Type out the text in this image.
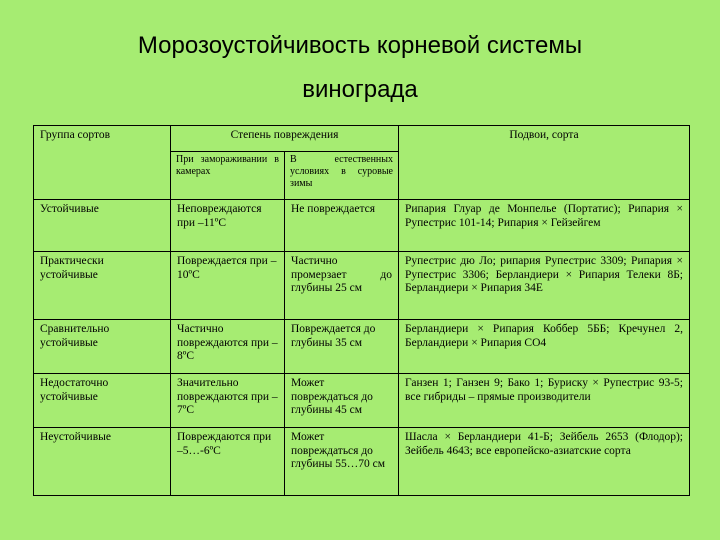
Морозоустойчивость корневой системы
винограда
Группа сортов	Степень повреждения		Подвои, сорта
	При замораживании в камерах	В естественных условиях в суровые зимы	
Устойчивые	Неповреждаются при –11ºС	Не повреждается	Рипария Глуар де Монпелье (Портатис); Рипария × Рупестрис 101-14; Рипария × Гейзейгем
Практически устойчивые	Повреждается при –10ºС	Частично промерзает до глубины 25 см	Рупестрис дю Ло; рипария Рупестрис 3309; Рипария × Рупестрис 3306; Берландиери × Рипария Телеки 8Б; Берландиери × Рипария 34Е
Сравнительно устойчивые	Частично повреждаются при –8ºС	Повреждается до глубины 35 см	Берландиери × Рипария Коббер 5ББ; Кречунел 2, Берландиери × Рипария СО4
Недостаточно устойчивые	Значительно повреждаются при –7ºС	Может повреждаться до глубины 45 см	Ганзен 1; Ганзен 9; Бако 1; Буриску × Рупестрис 93-5; все гибриды – прямые производители
Неустойчивые	Повреждаются при –5…-6ºС	Может повреждаться до глубины 55…70 см	Шасла × Берландиери 41-Б; Зейбель 2653 (Флодор); Зейбель 4643; все европейско-азиатские сорта
